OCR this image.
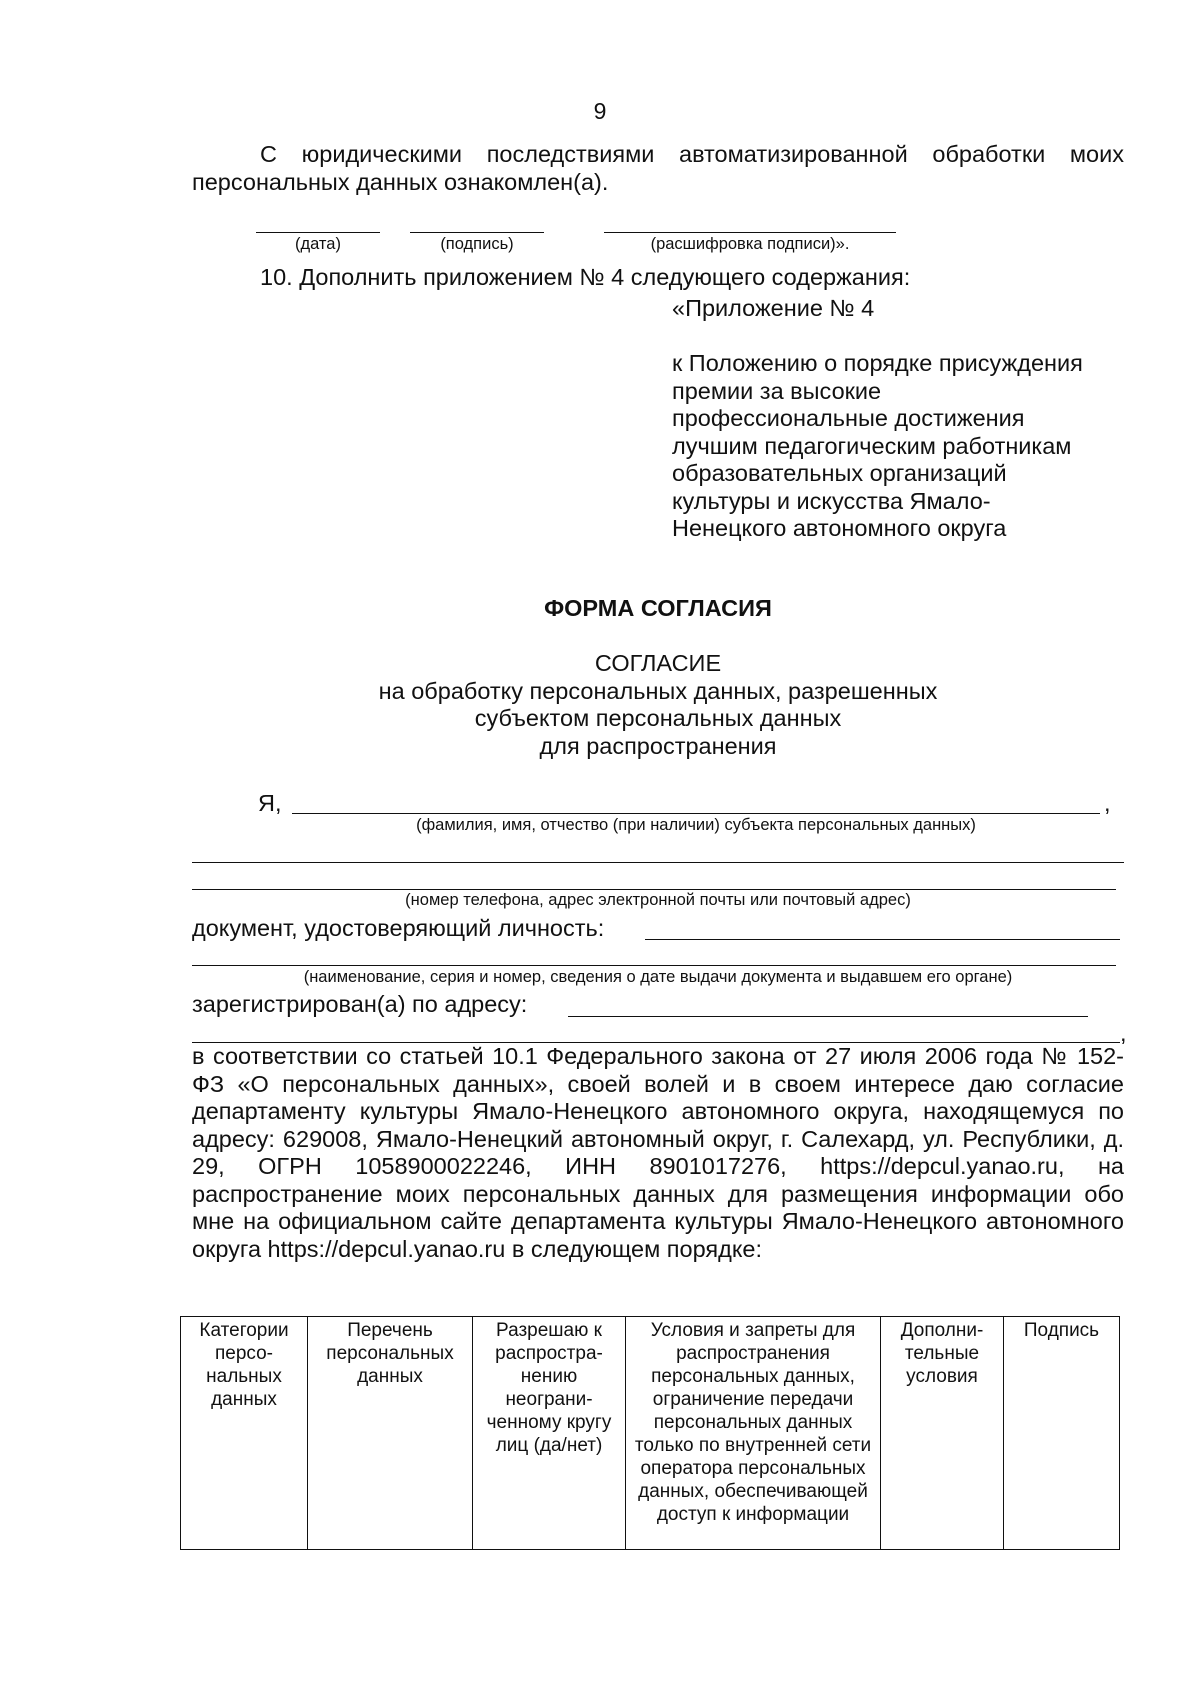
9
С юридическими последствиями автоматизированной обработки моих персональных данных ознакомлен(а).
(дата)	(подпись)	(расшифровка подписи)».
10. Дополнить приложением № 4 следующего содержания:
«Приложение № 4
к Положению о порядке присуждения
премии за высокие
профессиональные достижения
лучшим педагогическим работникам
образовательных организаций
культуры и искусства Ямало-
Ненецкого автономного округа
ФОРМА СОГЛАСИЯ
СОГЛАСИЕ
на обработку персональных данных, разрешенных
субъектом персональных данных
для распространения
Я,	,
(фамилия, имя, отчество (при наличии) субъекта персональных данных)
(номер телефона, адрес электронной почты или почтовый адрес)
документ, удостоверяющий личность:
(наименование, серия и номер, сведения о дате выдачи документа и выдавшем его органе)
зарегистрирован(а) по адресу:
,
в соответствии со статьей 10.1 Федерального закона от 27 июля 2006 года № 152-ФЗ «О персональных данных», своей волей и в своем интересе даю согласие департаменту культуры Ямало-Ненецкого автономного округа, находящемуся по адресу: 629008, Ямало-Ненецкий автономный округ, г. Салехард, ул. Республики, д. 29, ОГРН 1058900022246, ИНН 8901017276, https://depcul.yanao.ru, на распространение моих персональных данных для размещения информации обо мне на официальном сайте департамента культуры Ямало-Ненецкого автономного округа https://depcul.yanao.ru в следующем порядке:
Категории персо-нальных данных	Перечень персональных данных	Разрешаю к распростра-нению неограни-ченному кругу лиц (да/нет)	Условия и запреты для распространения персональных данных, ограничение передачи персональных данных только по внутренней сети оператора персональных данных, обеспечивающей доступ к информации	Дополни-тельные условия	Подпись
